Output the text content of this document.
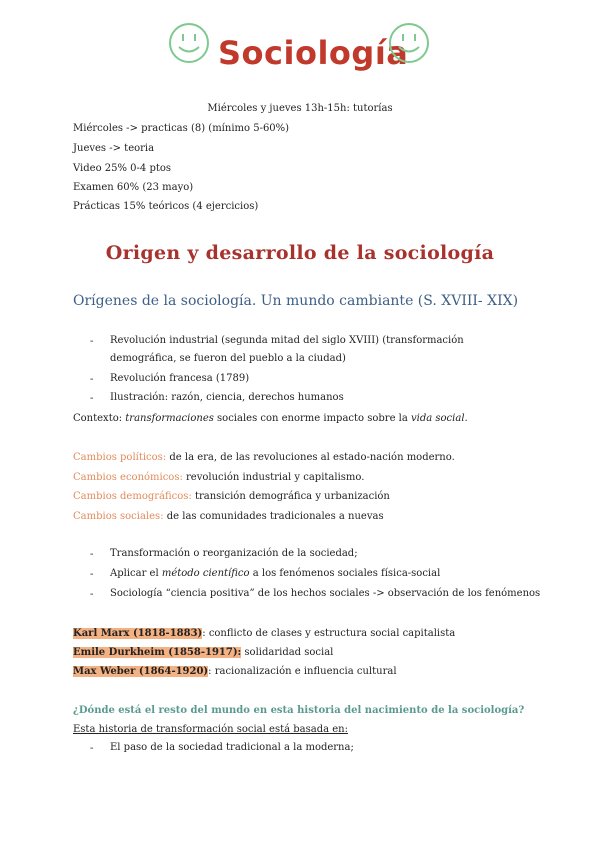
Sociología
Miércoles y jueves 13h-15h: tutorías
Miércoles -> practicas (8) (mínimo 5-60%)
Jueves -> teoria
Video 25% 0-4 ptos
Examen 60% (23 mayo)
Prácticas 15% teóricos (4 ejercicios)
Origen y desarrollo de la sociología
Orígenes de la sociología. Un mundo cambiante (S. XVIII- XIX)
- Revolución industrial (segunda mitad del siglo XVIII) (transformación demográfica, se fueron del pueblo a la ciudad)
- Revolución francesa (1789)
- Ilustración: razón, ciencia, derechos humanos
Contexto: transformaciones sociales con enorme impacto sobre la vida social.
Cambios políticos: de la era, de las revoluciones al estado-nación moderno.
Cambios económicos: revolución industrial y capitalismo.
Cambios demográficos: transición demográfica y urbanización
Cambios sociales: de las comunidades tradicionales a nuevas
- Transformación o reorganización de la sociedad;
- Aplicar el método científico a los fenómenos sociales física-social
- Sociología “ciencia positiva” de los hechos sociales -> observación de los fenómenos
Karl Marx (1818-1883): conflicto de clases y estructura social capitalista
Emile Durkheim (1858-1917): solidaridad social
Max Weber (1864-1920): racionalización e influencia cultural
¿Dónde está el resto del mundo en esta historia del nacimiento de la sociología?
Esta historia de transformación social está basada en:
- El paso de la sociedad tradicional a la moderna;
